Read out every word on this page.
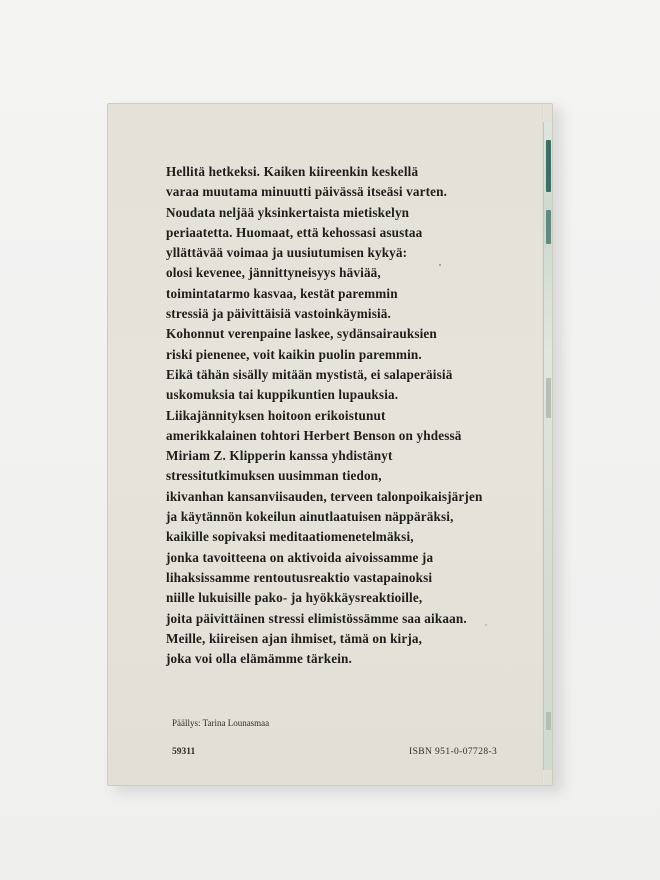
Hellitä hetkeksi. Kaiken kiireenkin keskellä
varaa muutama minuutti päivässä itseäsi varten.
Noudata neljää yksinkertaista mietiskelyn
periaatetta. Huomaat, että kehossasi asustaa
yllättävää voimaa ja uusiutumisen kykyä:
olosi kevenee, jännittyneisyys häviää,
toimintatarmo kasvaa, kestät paremmin
stressiä ja päivittäisiä vastoinkäymisiä.
Kohonnut verenpaine laskee, sydänsairauksien
riski pienenee, voit kaikin puolin paremmin.
Eikä tähän sisälly mitään mystistä, ei salaperäisiä
uskomuksia tai kuppikuntien lupauksia.
Liikajännityksen hoitoon erikoistunut
amerikkalainen tohtori Herbert Benson on yhdessä
Miriam Z. Klipperin kanssa yhdistänyt
stressitutkimuksen uusimman tiedon,
ikivanhan kansanviisauden, terveen talonpoikaisjärjen
ja käytännön kokeilun ainutlaatuisen näppäräksi,
kaikille sopivaksi meditaatiomenetelmäksi,
jonka tavoitteena on aktivoida aivoissamme ja
lihaksissamme rentoutusreaktio vastapainoksi
niille lukuisille pako- ja hyökkäysreaktioille,
joita päivittäinen stressi elimistössämme saa aikaan.
Meille, kiireisen ajan ihmiset, tämä on kirja,
joka voi olla elämämme tärkein.
Päällys: Tarina Lounasmaa
59311	ISBN 951-0-07728-3
